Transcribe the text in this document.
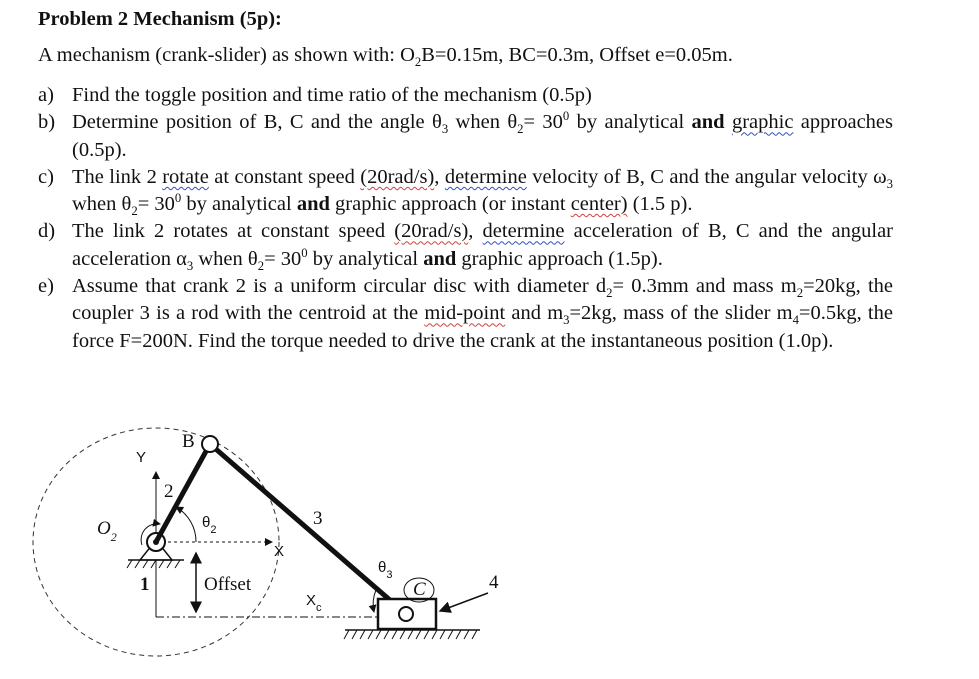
Problem 2 Mechanism (5p):
A mechanism (crank-slider) as shown with: $O_2B=0.15m$, BC=0.3m, Offset e=0.05m.
a) Find the toggle position and time ratio of the mechanism (0.5p)
b) Determine position of B, C and the angle $\theta_3$ when $\theta_2= 30^0$ by analytical and graphic approaches (0.5p).
c) The link 2 rotate at constant speed (20rad/s), determine velocity of B, C and the angular velocity $\omega_3$ when $\theta_2= 30^0$ by analytical and graphic approach (or instant center) (1.5 p).
d) The link 2 rotates at constant speed (20rad/s), determine acceleration of B, C and the angular acceleration $\alpha_3$ when $\theta_2= 30^0$ by analytical and graphic approach (1.5p).
e) Assume that crank 2 is a uniform circular disc with diameter $d_2= 0.3mm$ and mass $m_2=20kg$, the coupler 3 is a rod with the centroid at the mid-point and $m_3=2kg$, mass of the slider $m_4=0.5kg$, the force F=200N. Find the torque needed to drive the crank at the instantaneous position (1.0p).
B
Y
$O_2$
2
$\theta_2$
X
3
$\theta_3$
1	Offset
$X_c$
C	4
